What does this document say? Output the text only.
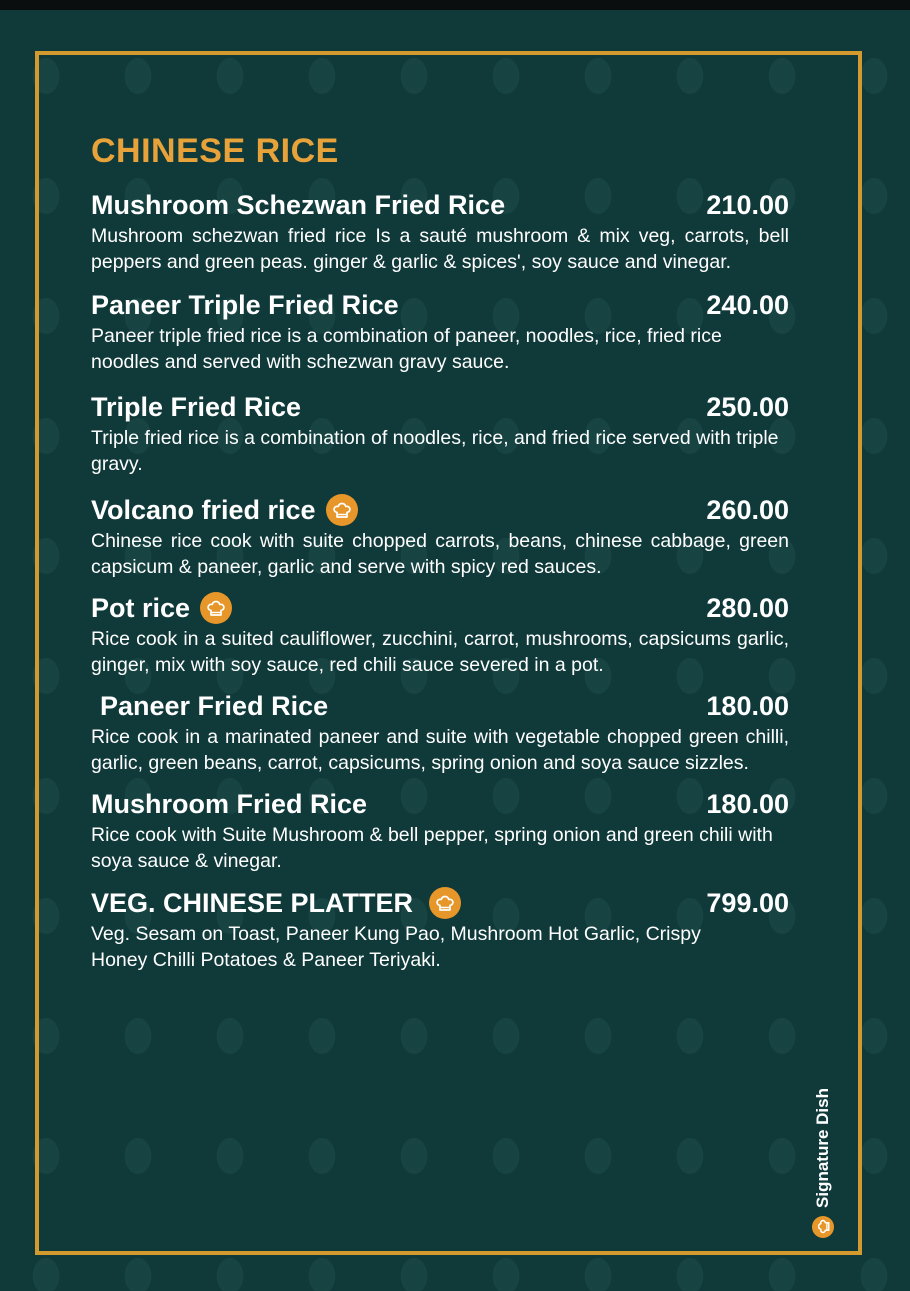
CHINESE RICE
Mushroom Schezwan Fried Rice	210.00
Mushroom schezwan fried rice Is a sauté mushroom & mix veg, carrots, bell peppers and green peas. ginger & garlic & spices', soy sauce and vinegar.
Paneer Triple Fried Rice	240.00
Paneer triple fried rice is a combination of paneer, noodles, rice, fried rice noodles and served with schezwan gravy sauce.
Triple Fried Rice	250.00
Triple fried rice is a combination of noodles, rice, and fried rice served with triple gravy.
Volcano fried rice	260.00
Chinese rice cook with suite chopped carrots, beans, chinese cabbage, green capsicum & paneer, garlic and serve with spicy red sauces.
Pot rice	280.00
Rice cook in a suited cauliflower, zucchini, carrot, mushrooms, capsicums garlic, ginger, mix with soy sauce, red chili sauce severed in a pot.
Paneer Fried Rice	180.00
Rice cook in a marinated paneer and suite with vegetable chopped green chilli, garlic, green beans, carrot, capsicums, spring onion and soya sauce sizzles.
Mushroom Fried Rice	180.00
Rice cook with Suite Mushroom & bell pepper, spring onion and green chili with soya sauce & vinegar.
VEG. CHINESE PLATTER	799.00
Veg. Sesam on Toast, Paneer Kung Pao, Mushroom Hot Garlic, Crispy Honey Chilli Potatoes & Paneer Teriyaki.
Signature Dish
